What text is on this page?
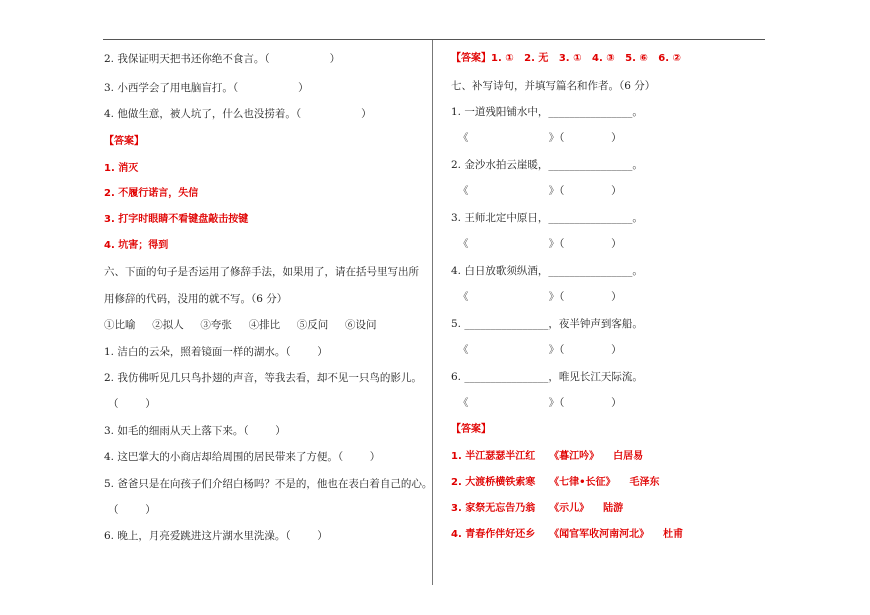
2. 我保证明天把书还你绝不食言。（                  ）
3. 小西学会了用电脑盲打。（                  ）
4. 他做生意，被人坑了，什么也没捞着。（                  ）
【答案】
1. 消灭
2. 不履行诺言，失信
3. 打字时眼睛不看键盘敲击按键
4. 坑害；得到
六、下面的句子是否运用了修辞手法，如果用了，请在括号里写出所
用修辞的代码，没用的就不写。（6 分）
①比喻     ②拟人     ③夸张     ④排比     ⑤反问     ⑥设问
1. 洁白的云朵，照着镜面一样的湖水。（        ）
2. 我仿佛听见几只鸟扑翅的声音，等我去看，却不见一只鸟的影儿。
（        ）
3. 如毛的细雨从天上落下来。（        ）
4. 这巴掌大的小商店却给周围的居民带来了方便。（        ）
5. 爸爸只是在向孩子们介绍白杨吗？不是的，他也在表白着自己的心。
（        ）
6. 晚上，月亮爱跳进这片湖水里洗澡。（        ）
【答案】1. ①   2. 无   3. ①   4. ③   5. ⑥   6. ②
七、补写诗句，并填写篇名和作者。（6 分）
1. 一道残阳铺水中，________________。
《                        》（              ）
2. 金沙水拍云崖暖，________________。
《                        》（              ）
3. 王师北定中原日，________________。
《                        》（              ）
4. 白日放歌须纵酒，________________。
《                        》（              ）
5. ________________，夜半钟声到客船。
《                        》（              ）
6. ________________，唯见长江天际流。
《                        》（              ）
【答案】
1. 半江瑟瑟半江红    《暮江吟》    白居易
2. 大渡桥横铁索寒    《七律•长征》    毛泽东
3. 家祭无忘告乃翁    《示儿》    陆游
4. 青春作伴好还乡    《闻官军收河南河北》    杜甫
